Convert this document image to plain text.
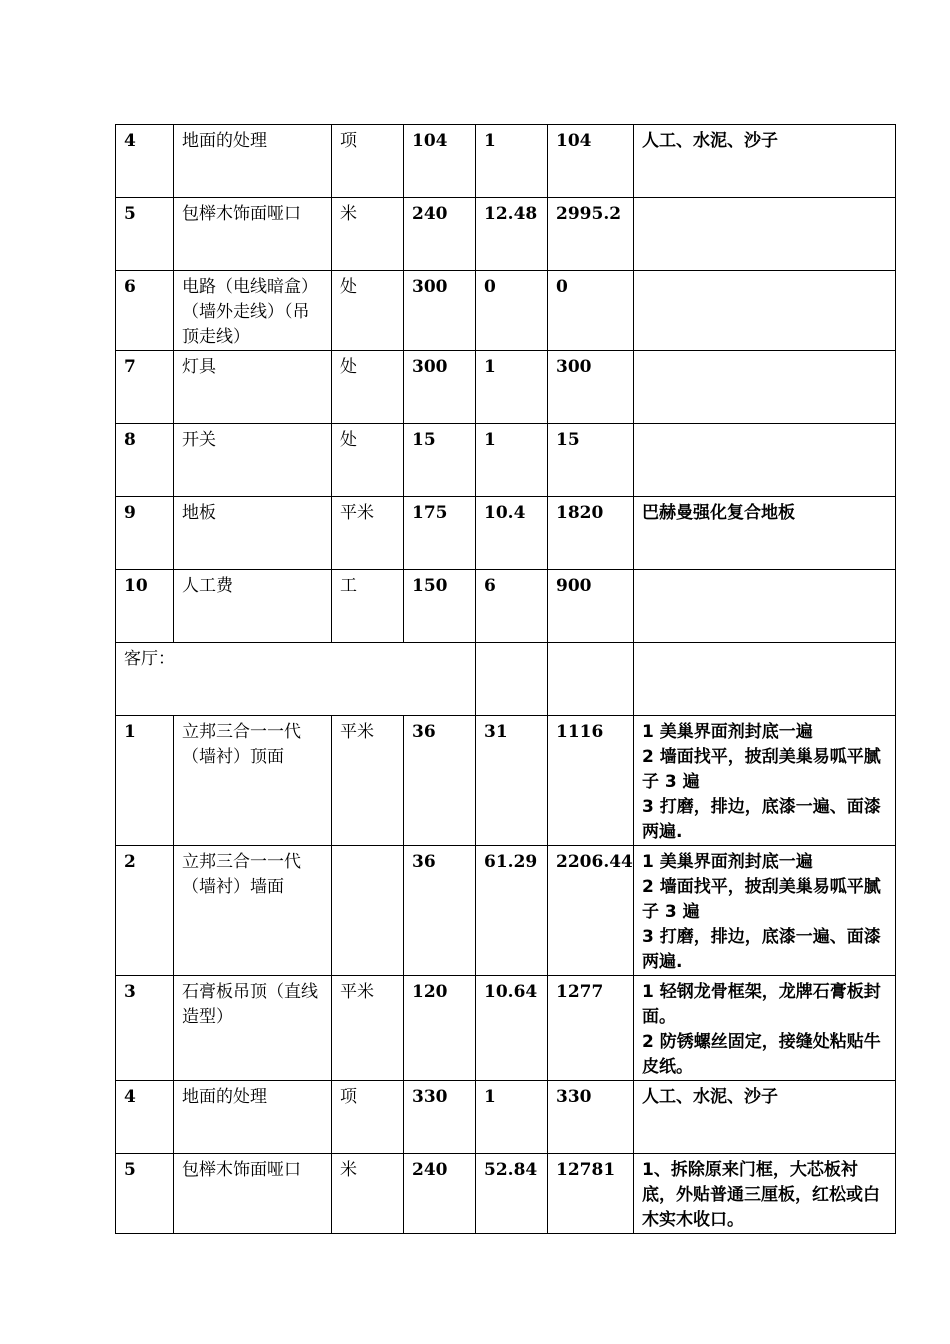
4	地面的处理	项	104	1	104	人工、水泥、沙子

5	包榉木饰面哑口	米	240	12.48	2995.2	
6	电路（电线暗盒）（墙外走线）（吊顶走线）	处	300	0	0	
7	灯具	处	300	1	300	
8	开关	处	15	1	15	
9	地板	平米	175	10.4	1820	巴赫曼强化复合地板

10	人工费	工	150	6	900	
客厅：						
1	立邦三合一一代（墙衬）顶面	平米	36	31	1116	1 美巢界面剂封底一遍
2 墙面找平，披刮美巢易呱平腻子 3 遍
3 打磨，排边，底漆一遍、面漆两遍.

2	立邦三合一一代（墙衬）墙面		36	61.29	2206.44	1 美巢界面剂封底一遍
2 墙面找平，披刮美巢易呱平腻子 3 遍
3 打磨，排边，底漆一遍、面漆两遍.

3	石膏板吊顶（直线造型）	平米	120	10.64	1277	1 轻钢龙骨框架，龙牌石膏板封面。
2 防锈螺丝固定，接缝处粘贴牛皮纸。

4	地面的处理	项	330	1	330	人工、水泥、沙子

5	包榉木饰面哑口	米	240	52.84	12781	1、拆除原来门框，大芯板衬底，外贴普通三厘板，红松或白木实木收口。
